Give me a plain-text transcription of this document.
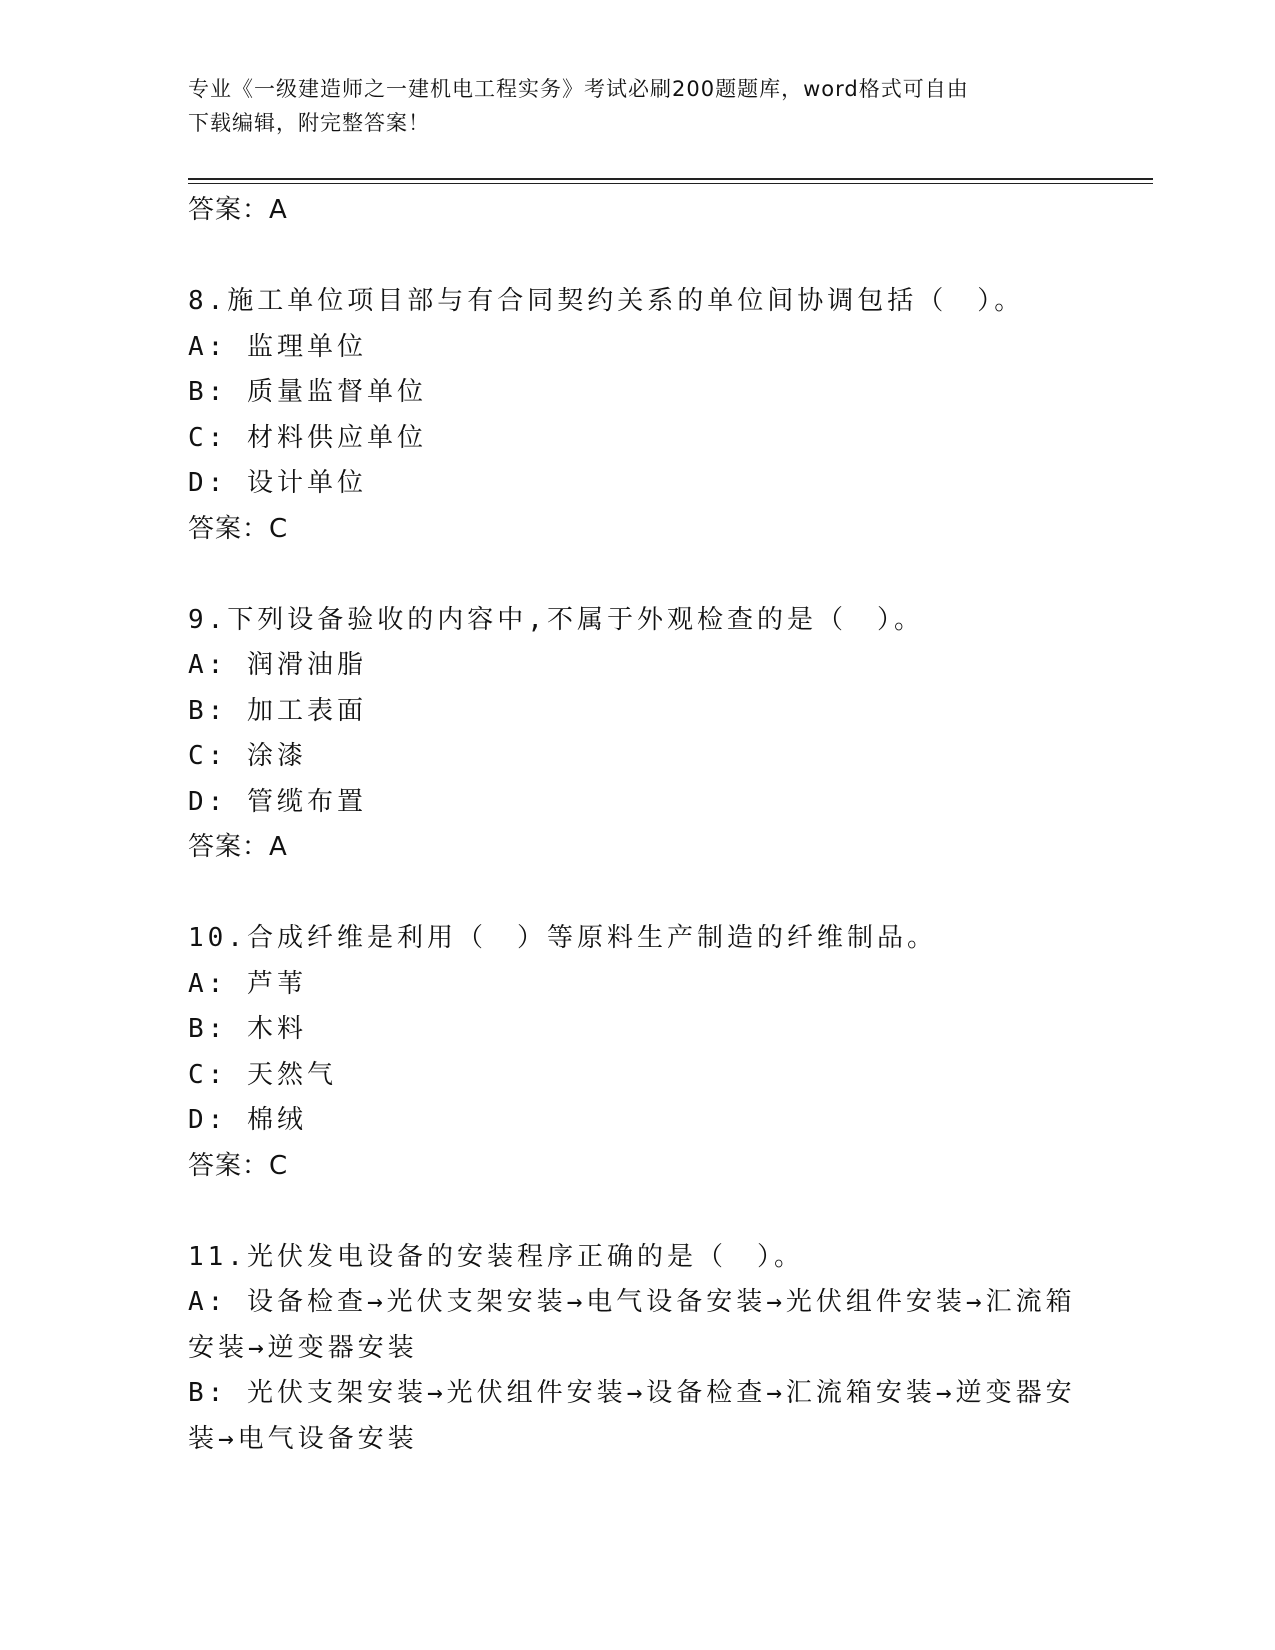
专业《一级建造师之一建机电工程实务》考试必刷200题题库，word格式可自由
下载编辑，附完整答案！
答案：A
8.施工单位项目部与有合同契约关系的单位间协调包括（　）。
A: 监理单位
B: 质量监督单位
C: 材料供应单位
D: 设计单位
答案：C
9.下列设备验收的内容中,不属于外观检查的是（　）。
A: 润滑油脂
B: 加工表面
C: 涂漆
D: 管缆布置
答案：A
10.合成纤维是利用（　）等原料生产制造的纤维制品。
A: 芦苇
B: 木料
C: 天然气
D: 棉绒
答案：C
11.光伏发电设备的安装程序正确的是（　）。
A: 设备检查→光伏支架安装→电气设备安装→光伏组件安装→汇流箱安装→逆变器安装
B: 光伏支架安装→光伏组件安装→设备检查→汇流箱安装→逆变器安装→电气设备安装
